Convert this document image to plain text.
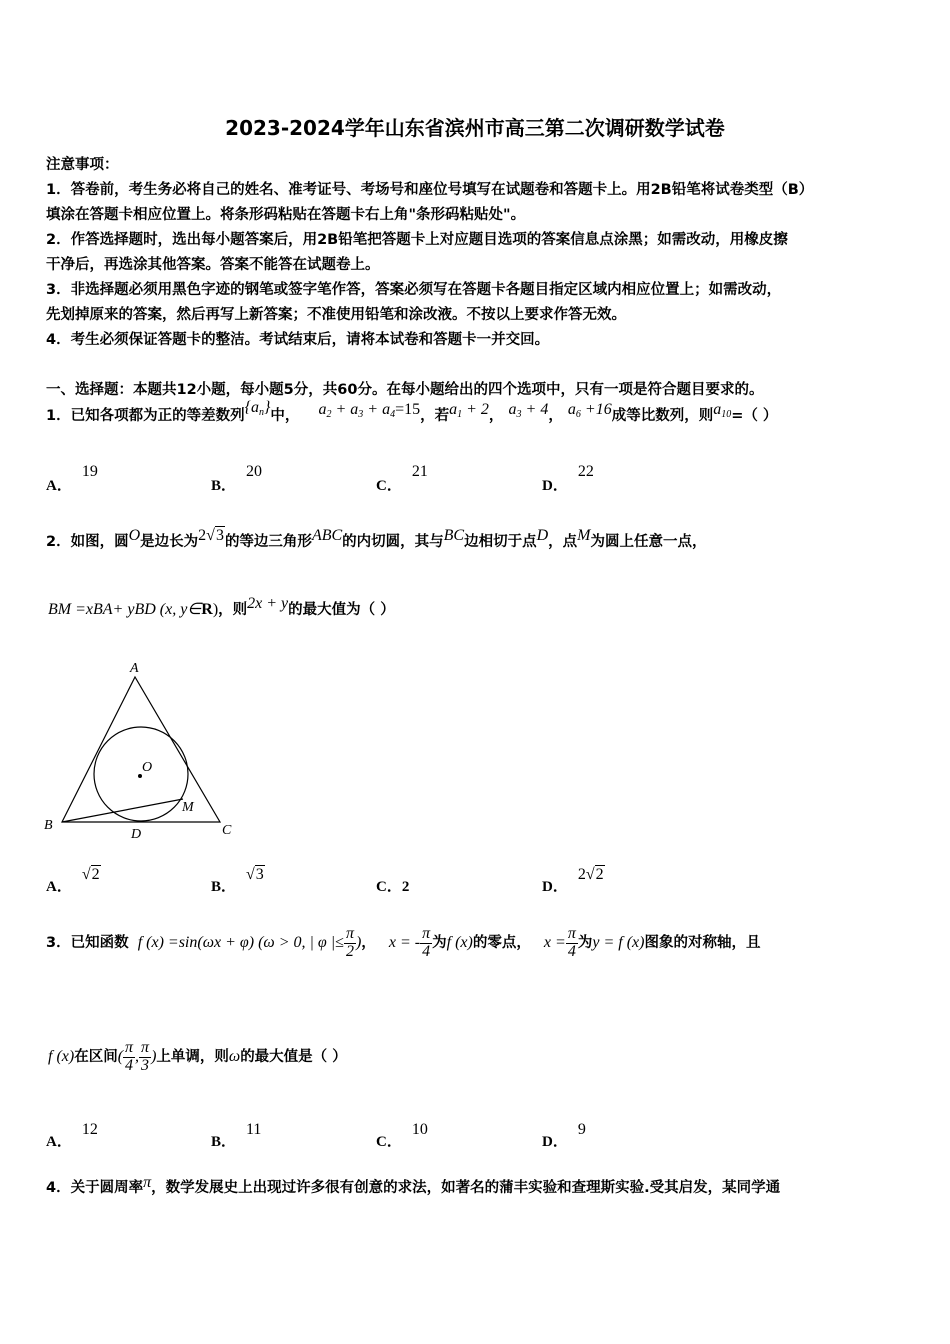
2023-2024学年山东省滨州市高三第二次调研数学试卷
注意事项：
1．答卷前，考生务必将自己的姓名、准考证号、考场号和座位号填写在试题卷和答题卡上。用2B铅笔将试卷类型（B）
填涂在答题卡相应位置上。将条形码粘贴在答题卡右上角"条形码粘贴处"。
2．作答选择题时，选出每小题答案后，用2B铅笔把答题卡上对应题目选项的答案信息点涂黑；如需改动，用橡皮擦
干净后，再选涂其他答案。答案不能答在试题卷上。
3．非选择题必须用黑色字迹的钢笔或签字笔作答，答案必须写在答题卡各题目指定区域内相应位置上；如需改动，
先划掉原来的答案，然后再写上新答案；不准使用铅笔和涂改液。不按以上要求作答无效。
4．考生必须保证答题卡的整洁。考试结束后，请将本试卷和答题卡一并交回。
一、选择题：本题共12小题，每小题5分，共60分。在每小题给出的四个选项中，只有一项是符合题目要求的。
1．已知各项都为正的等差数列$\{a_n\}$中， $a_2 + a_3 + a_4=15$，若$a_1 + 2$， $a_3 + 4$， $a_6 +16$成等比数列，则$a_{10}=$（ ）
A．19
B．20
C．21
D．22
2．如图，圆O是边长为2√3的等边三角形ABC的内切圆，其与BC边相切于点D，点M为圆上任意一点，
BM =xBA+ yBD (x, y∈R)，则2x + y的最大值为（ ）
A
B	C
D
O
M
A．√2
B．√3
C．2	D．2√2
3．已知函数 f (x) =sin(ωx + φ) (ω > 0, | φ |≤ $\frac{\pi}{2}$ )， x = - $\frac{\pi}{4}$ 为f (x)的零点， $x = \frac{\pi}{4}$ 为y = f (x)图象的对称轴，且
f (x)在区间( $\frac{\pi}{4}$ , $\frac{\pi}{3}$ )上单调，则ω的最大值是（ ）
A．12
B．11
C．10
D．9
4．关于圆周率π，数学发展史上出现过许多很有创意的求法，如著名的蒲丰实验和查理斯实验.受其启发，某同学通
